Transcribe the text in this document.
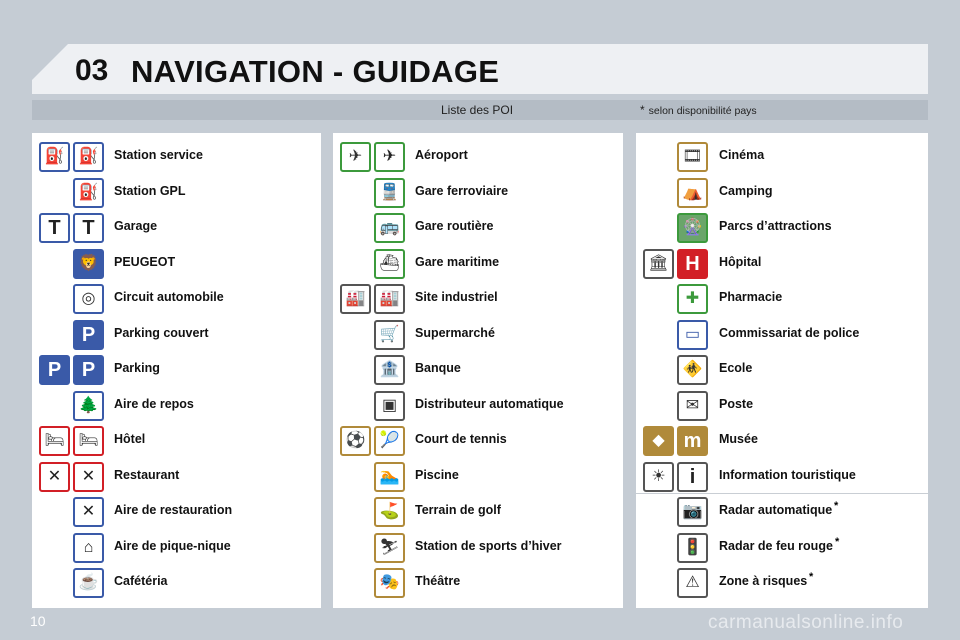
03 NAVIGATION - GUIDAGE
Liste des POI	* selon disponibilité pays
⛽ ⛽	Station service
⛽	Station GPL
T	T	Garage
🦁	PEUGEOT
◎	Circuit automobile
P	Parking couvert
P	P	Parking
🌲	Aire de repos
🛏 🛏	Hôtel
✕	✕	Restaurant
✕	Aire de restauration
⌂	Aire de pique-nique
☕	Cafétéria
✈	✈	Aéroport
🚆	Gare ferroviaire
🚌	Gare routière
⛴	Gare maritime
🏭 🏭	Site industriel
🛒	Supermarché
🏦	Banque
▣	Distributeur automatique
⚽ 🎾	Court de tennis
🏊	Piscine
⛳	Terrain de golf
⛷	Station de sports d’hiver
🎭	Théâtre
🎞	Cinéma
⛺	Camping
🎡	Parcs d’attractions
🏛 H	Hôpital
✚	Pharmacie
▭	Commissariat de police
🚸	Ecole
✉	Poste
◆ m	Musée
☀	i	Information touristique
📷	Radar automatique *
🚦	Radar de feu rouge *
⚠	Zone à risques *
10	carmanualsonline.info
